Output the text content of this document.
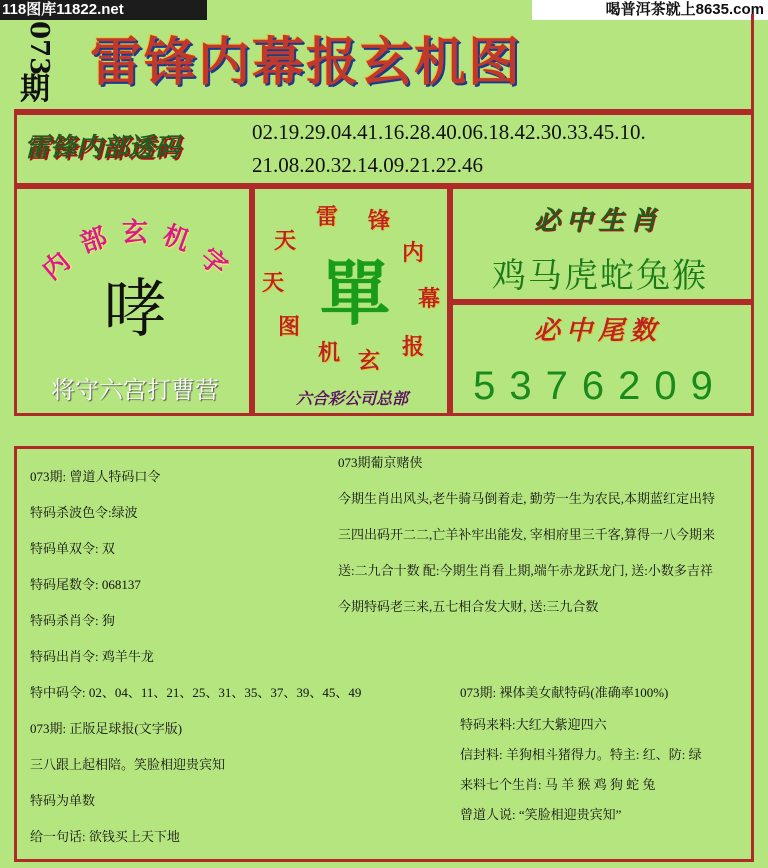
118图库11822.net	喝普洱茶就上8635.com
073
期 雷锋内幕报玄机图
雷锋内部透码
02.19.29.04.41.16.28.40.06.18.42.30.33.45.10.
21.08.20.32.14.09.21.22.46
内
部 玄 机
字
哮
将守六宫打曹营
雷 锋
内
幕
报
玄
机
图
天
天
單
六合彩公司总部
必中生肖
鸡马虎蛇兔猴
必中尾数
5376209
073期: 曾道人特码口令
特码杀波色令:绿波
特码单双令: 双
特码尾数令: 068137
特码杀肖令: 狗
特码出肖令: 鸡羊牛龙
特中码令: 02、04、11、21、25、31、35、37、39、45、49
073期: 正版足球报(文字版)
三八跟上起相陪。笑脸相迎贵宾知
特码为单数
给一句话: 欲钱买上天下地
073期葡京赌侠
今期生肖出风头,老牛骑马倒着走, 勤劳一生为农民,本期蓝红定出特
三四出码开二二,亡羊补牢出能发, 宰相府里三千客,算得一八今期来
送:二九合十数 配:今期生肖看上期,端午赤龙跃龙门, 送:小数多吉祥
今期特码老三来,五七相合发大财, 送:三九合数
073期: 裸体美女献特码(准确率100%)
特码来料:大红大紫迎四六
信封料: 羊狗相斗猪得力。特主: 红、防: 绿
来料七个生肖: 马 羊 猴 鸡 狗 蛇 兔
曾道人说: “笑脸相迎贵宾知”
